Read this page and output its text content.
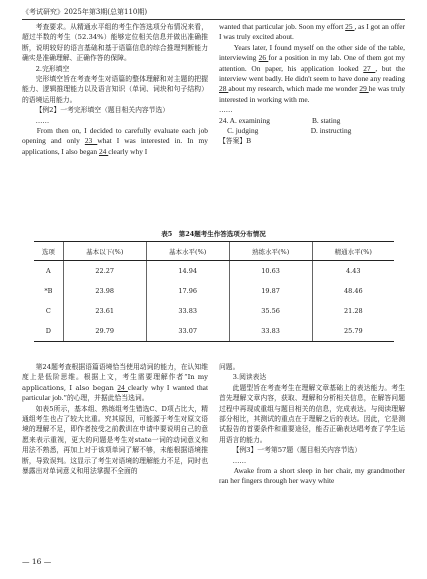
《考试研究》2025年第3期(总第110期)

考查要求。从精通水平组的考生作答选项分布情况来看，超过半数的考生（52.34%）能够定位相关信息并做出准确推断，说明较好的语言基础和基于语篇信息的综合推理判断能力确实是准确理解、正确作答的保障。

2.完形填空

完形填空旨在考查考生对语篇的整体理解和对主题的把握能力、逻辑推理能力以及语言知识（单词、词块和句子结构）的语境运用能力。

【例2】一考完形填空（题目相关内容节选）

……

From then on, I decided to carefully evaluate each job opening and only 23 what I was interested in. In my applications, I also began 24 clearly why I

wanted that particular job. Soon my effort 25 , as I got an offer I was truly excited about.

Years later, I found myself on the other side of the table, interviewing 26 for a position in my lab. One of them got my attention. On paper, his application looked 27 , but the interview went badly. He didn't seem to have done any reading 28 about my research, which made me wonder 29 he was truly interested in working with me.

……

24. A. examining	B. stating

C. judging	D. instructing

【答案】B

表5　第24题考生作答选项分布情况
选项	基本以下(%)	基本水平(%)	熟练水平(%)	精通水平(%)
A	22.27	14.94	10.63	4.43
*B	23.98	17.96	19.87	48.46
C	23.61	33.83	35.56	21.28
D	29.79	33.07	33.83	25.79

第24题考查根据语篇语境恰当使用动词的能力，在认知维度上是低阶思维。根据上文，考生需要理解作者“In my applications, I also began 24 clearly why I wanted that particular job.”的心理，并据此恰当选词。

如表5所示，基本组、熟练组考生错选C、D项占比大，精通组考生也占了较大比重。究其原因，可能源于考生对原文语境的理解不足，即作者按受之前教训在申请中要说明自己的意愿来表示重视，更大的问题是考生对state一词的动词意义和用法不熟悉，再加上对于该项单词了解不够，未能根据语境推断，导致误判。这显示了考生对语境的理解能力不足，同时也暴露出对单词意义和用法掌握不全面的

问题。

3.阅读表达

此题型旨在考查考生在理解文章基础上的表达能力。考生首先理解文章内容，获取、理解和分析相关信息，在解答问题过程中再现或重组与题目相关的信息，完成表达。与阅读理解部分相比，其测试的重点在于理解之后的表达。因此，它是测试报告的首要条件和重要途径，能否正确表达唱考查了学生运用语言的能力。

【例3】一考第57题（题目相关内容节选）

……

Awake from a short sleep in her chair, my grandmother ran her fingers through her wavy white

— 16 —
